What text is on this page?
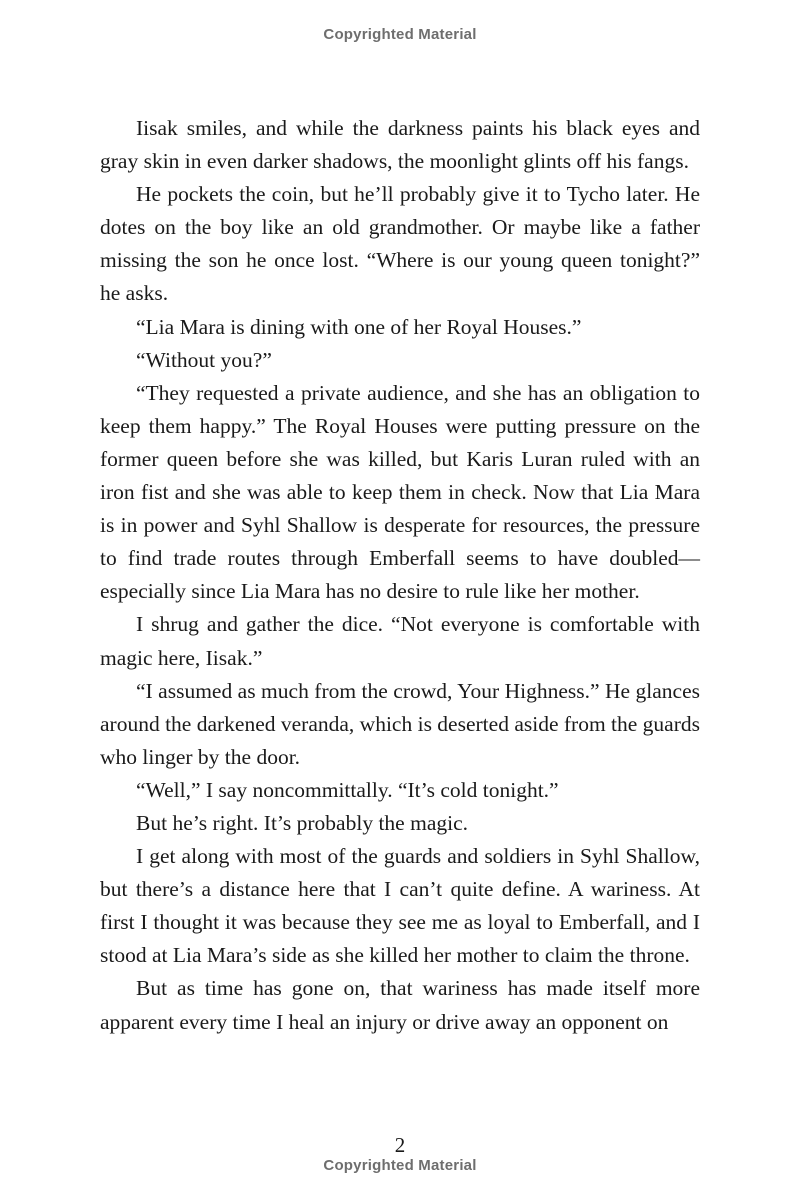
Copyrighted Material

Iisak smiles, and while the darkness paints his black eyes and gray skin in even darker shadows, the moonlight glints off his fangs.

He pockets the coin, but he’ll probably give it to Tycho later. He dotes on the boy like an old grandmother. Or maybe like a father missing the son he once lost. “Where is our young queen tonight?” he asks.

“Lia Mara is dining with one of her Royal Houses.”

“Without you?”

“They requested a private audience, and she has an obligation to keep them happy.” The Royal Houses were putting pressure on the former queen before she was killed, but Karis Luran ruled with an iron fist and she was able to keep them in check. Now that Lia Mara is in power and Syhl Shallow is desperate for resources, the pressure to find trade routes through Emberfall seems to have doubled—especially since Lia Mara has no desire to rule like her mother.

I shrug and gather the dice. “Not everyone is comfortable with magic here, Iisak.”

“I assumed as much from the crowd, Your Highness.” He glances around the darkened veranda, which is deserted aside from the guards who linger by the door.

“Well,” I say noncommittally. “It’s cold tonight.”

But he’s right. It’s probably the magic.

I get along with most of the guards and soldiers in Syhl Shallow, but there’s a distance here that I can’t quite define. A wariness. At first I thought it was because they see me as loyal to Emberfall, and I stood at Lia Mara’s side as she killed her mother to claim the throne.

But as time has gone on, that wariness has made itself more apparent every time I heal an injury or drive away an opponent on

2
Copyrighted Material
